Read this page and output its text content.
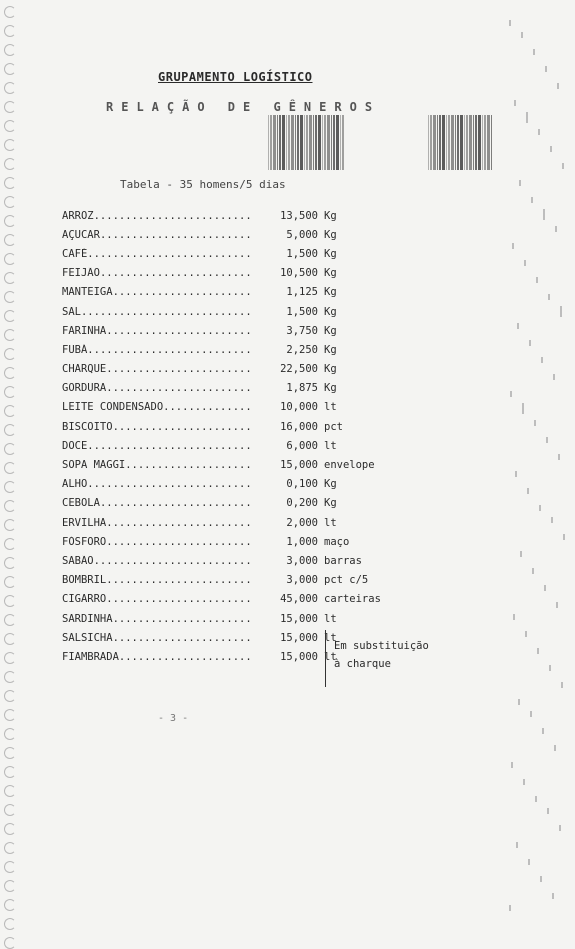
GRUPAMENTO LOGÍSTICO
RELAÇÃO DE GÊNEROS
Tabela - 35 homens/5 dias
ARROZ.........................	13,500 Kg
AÇUCAR........................	5,000 Kg
CAFÉ..........................	1,500 Kg
FEIJÃO........................	10,500 Kg
MANTEIGA......................	1,125 Kg
SAL...........................	1,500 Kg
FARINHA.......................	3,750 Kg
FUBÁ..........................	2,250 Kg
CHARQUE.......................	22,500 Kg
GORDURA.......................	1,875 Kg
LEITE CONDENSADO..............	10,000 lt
BISCOITO......................	16,000 pct
DOCE..........................	6,000 lt
SOPA MAGGI....................	15,000 envelope
ALHO..........................	0,100 Kg
CEBOLA........................	0,200 Kg
ERVILHA.......................	2,000 lt
FÓSFORO.......................	1,000 maço
SABÃO.........................	3,000 barras
BOMBRIL.......................	3,000 pct c/5
CIGARRO.......................	45,000 carteiras
SARDINHA......................	15,000 lt
SALSICHA......................	15,000 lt
FIAMBRADA.....................	15,000 lt
Em substituição
à charque
- 3 -
